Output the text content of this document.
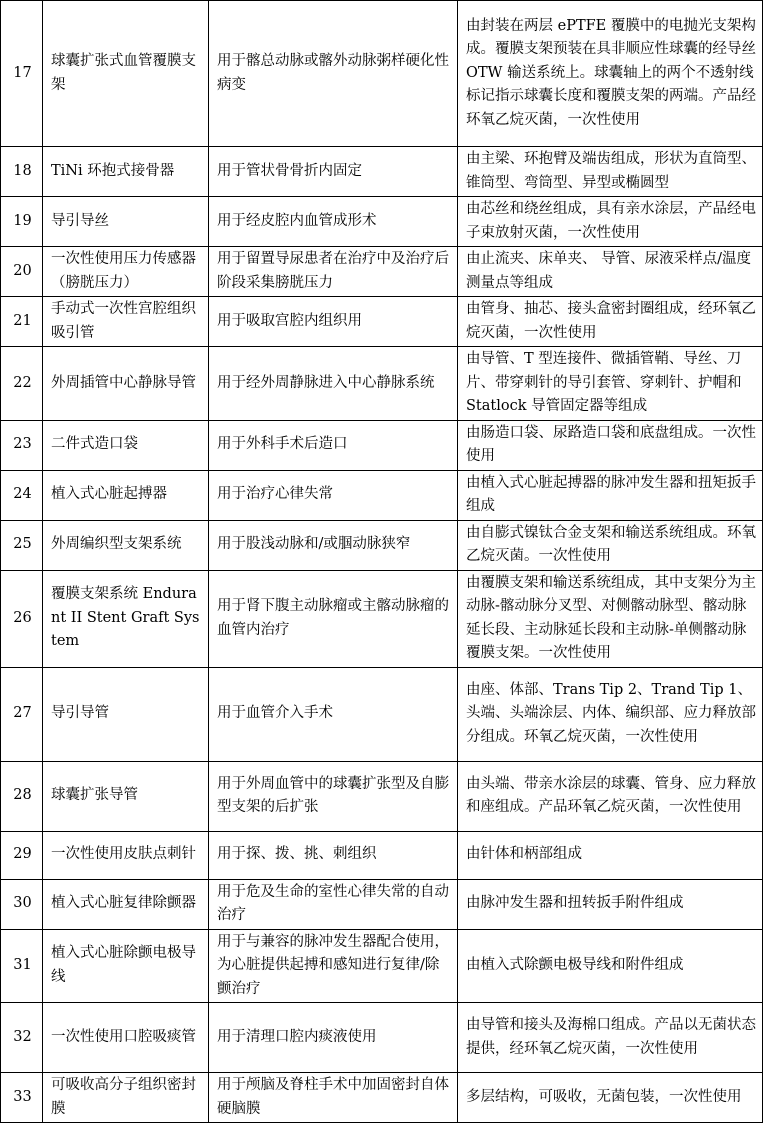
17	球囊扩张式血管覆膜支架	用于髂总动脉或髂外动脉粥样硬化性病变	由封装在两层 ePTFE 覆膜中的电抛光支架构成。覆膜支架预装在具非顺应性球囊的经导丝 OTW 输送系统上。球囊轴上的两个不透射线标记指示球囊长度和覆膜支架的两端。产品经环氧乙烷灭菌，一次性使用
18	TiNi 环抱式接骨器	用于管状骨骨折内固定	由主梁、环抱臂及端齿组成，形状为直筒型、锥筒型、弯筒型、异型或椭圆型
19	导引导丝	用于经皮腔内血管成形术	由芯丝和绕丝组成，具有亲水涂层，产品经电子束放射灭菌，一次性使用
20	一次性使用压力传感器（膀胱压力）	用于留置导尿患者在治疗中及治疗后阶段采集膀胱压力	由止流夹、床单夹、 导管、尿液采样点/温度测量点等组成
21	手动式一次性宫腔组织吸引管	用于吸取宫腔内组织用	由管身、抽芯、接头盒密封圈组成，经环氧乙烷灭菌，一次性使用
22	外周插管中心静脉导管	用于经外周静脉进入中心静脉系统	由导管、T 型连接件、微插管鞘、导丝、刀片、带穿刺针的导引套管、穿刺针、护帽和 Statlock 导管固定器等组成
23	二件式造口袋	用于外科手术后造口	由肠造口袋、尿路造口袋和底盘组成。一次性使用
24	植入式心脏起搏器	用于治疗心律失常	由植入式心脏起搏器的脉冲发生器和扭矩扳手组成
25	外周编织型支架系统	用于股浅动脉和/或腘动脉狭窄	由自膨式镍钛合金支架和输送系统组成。环氧乙烷灭菌。一次性使用
26	覆膜支架系统 Endurant II Stent Graft System	用于肾下腹主动脉瘤或主髂动脉瘤的血管内治疗	由覆膜支架和输送系统组成，其中支架分为主动脉-髂动脉分叉型、对侧髂动脉型、髂动脉延长段、主动脉延长段和主动脉-单侧髂动脉覆膜支架。一次性使用
27	导引导管	用于血管介入手术	由座、体部、Trans Tip 2、Trand Tip 1、头端、头端涂层、内体、编织部、应力释放部分组成。环氧乙烷灭菌，一次性使用
28	球囊扩张导管	用于外周血管中的球囊扩张型及自膨型支架的后扩张	由头端、带亲水涂层的球囊、管身、应力释放和座组成。产品环氧乙烷灭菌，一次性使用
29	一次性使用皮肤点刺针	用于探、拨、挑、刺组织	由针体和柄部组成
30	植入式心脏复律除颤器	用于危及生命的室性心律失常的自动治疗	由脉冲发生器和扭转扳手附件组成
31	植入式心脏除颤电极导线	用于与兼容的脉冲发生器配合使用，为心脏提供起搏和感知进行复律/除颤治疗	由植入式除颤电极导线和附件组成
32	一次性使用口腔吸痰管	用于清理口腔内痰液使用	由导管和接头及海棉口组成。产品以无菌状态提供，经环氧乙烷灭菌，一次性使用
33	可吸收高分子组织密封膜	用于颅脑及脊柱手术中加固密封自体硬脑膜	多层结构，可吸收，无菌包装，一次性使用
